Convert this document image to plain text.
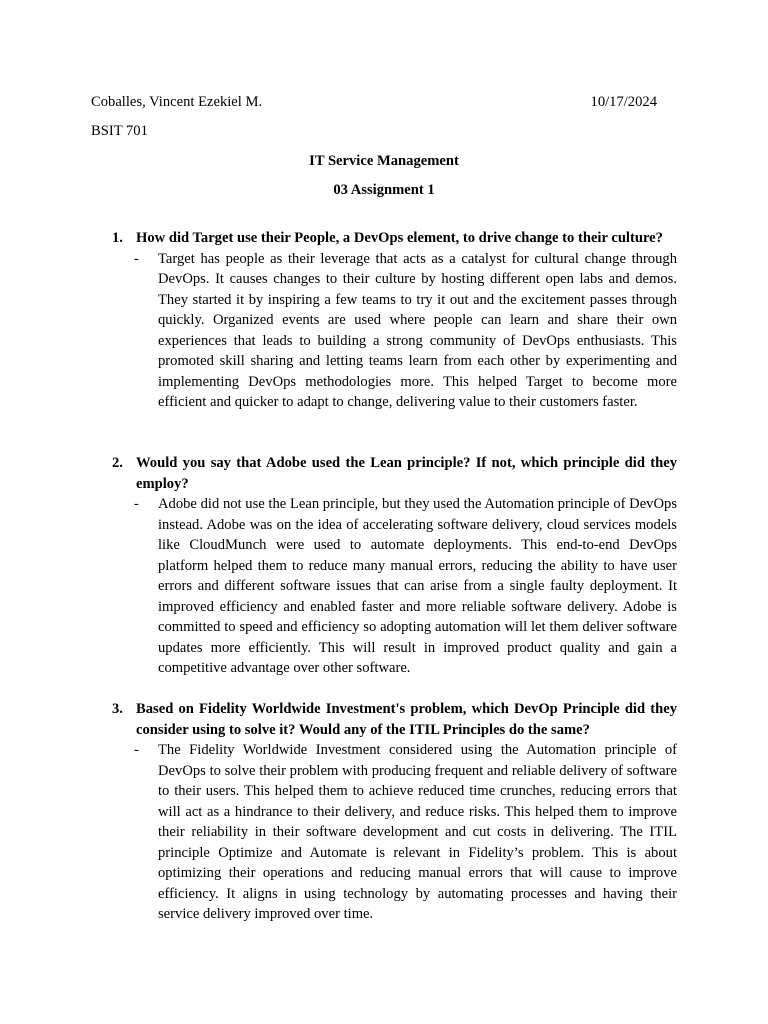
Coballes, Vincent Ezekiel M.	10/17/2024
BSIT 701
IT Service Management
03 Assignment 1
1. How did Target use their People, a DevOps element, to drive change to their culture?
-	Target has people as their leverage that acts as a catalyst for cultural change through DevOps. It causes changes to their culture by hosting different open labs and demos. They started it by inspiring a few teams to try it out and the excitement passes through quickly. Organized events are used where people can learn and share their own experiences that leads to building a strong community of DevOps enthusiasts. This promoted skill sharing and letting teams learn from each other by experimenting and implementing DevOps methodologies more. This helped Target to become more efficient and quicker to adapt to change, delivering value to their customers faster.
2. Would you say that Adobe used the Lean principle? If not, which principle did they employ?
-	Adobe did not use the Lean principle, but they used the Automation principle of DevOps instead. Adobe was on the idea of accelerating software delivery, cloud services models like CloudMunch were used to automate deployments. This end-to-end DevOps platform helped them to reduce many manual errors, reducing the ability to have user errors and different software issues that can arise from a single faulty deployment. It improved efficiency and enabled faster and more reliable software delivery. Adobe is committed to speed and efficiency so adopting automation will let them deliver software updates more efficiently. This will result in improved product quality and gain a competitive advantage over other software.
3. Based on Fidelity Worldwide Investment's problem, which DevOp Principle did they consider using to solve it? Would any of the ITIL Principles do the same?
-	The Fidelity Worldwide Investment considered using the Automation principle of DevOps to solve their problem with producing frequent and reliable delivery of software to their users. This helped them to achieve reduced time crunches, reducing errors that will act as a hindrance to their delivery, and reduce risks. This helped them to improve their reliability in their software development and cut costs in delivering. The ITIL principle Optimize and Automate is relevant in Fidelity’s problem. This is about optimizing their operations and reducing manual errors that will cause to improve efficiency. It aligns in using technology by automating processes and having their service delivery improved over time.
